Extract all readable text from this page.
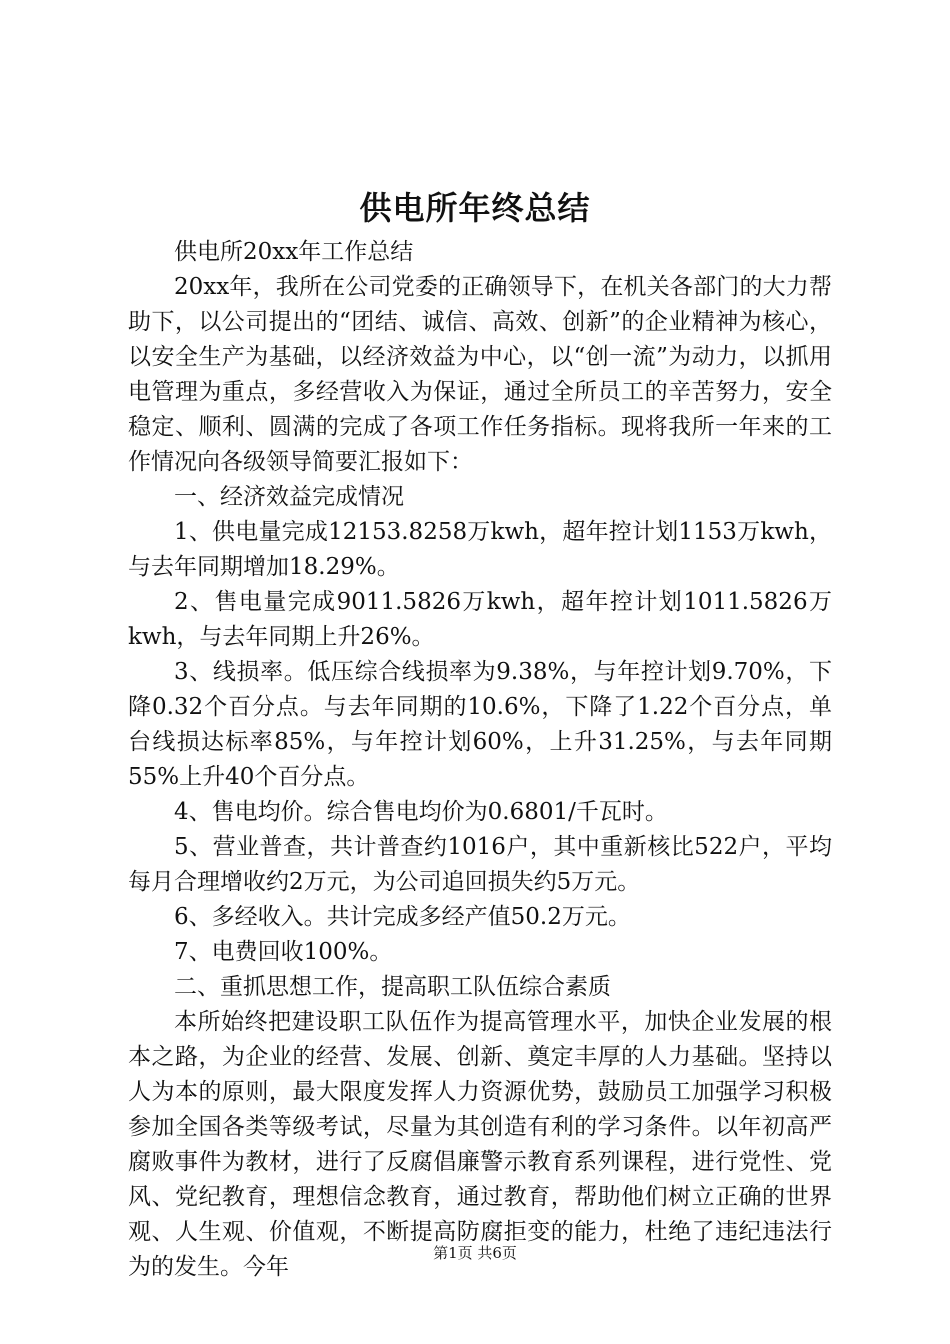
供电所年终总结

供电所20xx年工作总结

20xx年，我所在公司党委的正确领导下，在机关各部门的大力帮助下，以公司提出的“团结、诚信、高效、创新”的企业精神为核心，以安全生产为基础，以经济效益为中心，以“创一流”为动力，以抓用电管理为重点，多经营收入为保证，通过全所员工的辛苦努力，安全稳定、顺利、圆满的完成了各项工作任务指标。现将我所一年来的工作情况向各级领导简要汇报如下：

一、经济效益完成情况

1、供电量完成12153.8258万kwh，超年控计划1153万kwh，与去年同期增加18.29%。

2、售电量完成9011.5826万kwh，超年控计划1011.5826万kwh，与去年同期上升26%。

3、线损率。低压综合线损率为9.38%，与年控计划9.70%，下降0.32个百分点。与去年同期的10.6%，下降了1.22个百分点，单台线损达标率85%，与年控计划60%，上升31.25%，与去年同期55%上升40个百分点。

4、售电均价。综合售电均价为0.6801/千瓦时。

5、营业普查，共计普查约1016户，其中重新核比522户，平均每月合理增收约2万元，为公司追回损失约5万元。

6、多经收入。共计完成多经产值50.2万元。

7、电费回收100%。

二、重抓思想工作，提高职工队伍综合素质

本所始终把建设职工队伍作为提高管理水平，加快企业发展的根本之路，为企业的经营、发展、创新、奠定丰厚的人力基础。坚持以人为本的原则，最大限度发挥人力资源优势，鼓励员工加强学习积极参加全国各类等级考试，尽量为其创造有利的学习条件。以年初高严腐败事件为教材，进行了反腐倡廉警示教育系列课程，进行党性、党风、党纪教育，理想信念教育，通过教育，帮助他们树立正确的世界观、人生观、价值观，不断提高防腐拒变的能力，杜绝了违纪违法行为的发生。今年

第1页 共6页
